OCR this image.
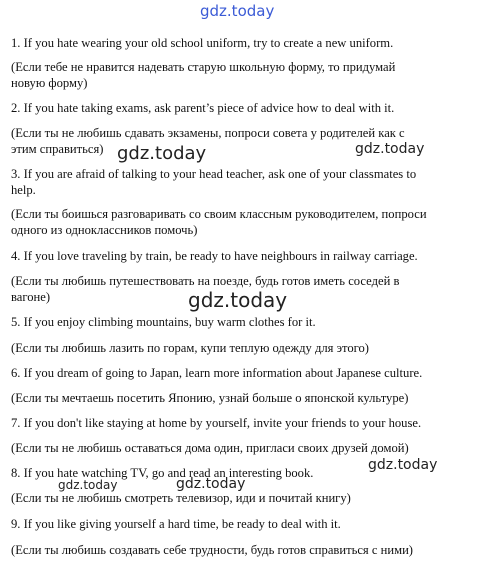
1. If you hate wearing your old school uniform, try to create a new uniform.
(Если тебе не нравится надевать старую школьную форму, то придумай
новую форму)
2. If you hate taking exams, ask parent’s piece of advice how to deal with it.
(Если ты не любишь сдавать экзамены, попроси совета у родителей как с
этим справиться)
3. If you are afraid of talking to your head teacher, ask one of your classmates to
help.
(Если ты боишься разговаривать со своим классным руководителем, попроси
одного из одноклассников помочь)
4. If you love traveling by train, be ready to have neighbours in railway carriage.
(Если ты любишь путешествовать на поезде, будь готов иметь соседей в
вагоне)
5. If you enjoy climbing mountains, buy warm clothes for it.
(Если ты любишь лазить по горам, купи теплую одежду для этого)
6. If you dream of going to Japan, learn more information about Japanese culture.
(Если ты мечтаешь посетить Японию, узнай больше о японской культуре)
7. If you don't like staying at home by yourself, invite your friends to your house.
(Если ты не любишь оставаться дома один, пригласи своих друзей домой)
8. If you hate watching TV, go and read an interesting book.
(Если ты не любишь смотреть телевизор, иди и почитай книгу)
9. If you like giving yourself a hard time, be ready to deal with it.
(Если ты любишь создавать себе трудности, будь готов справиться с ними)
gdz.today
gdz.today	gdz.today
gdz.today
gdz.today
gdz.today	gdz.today
